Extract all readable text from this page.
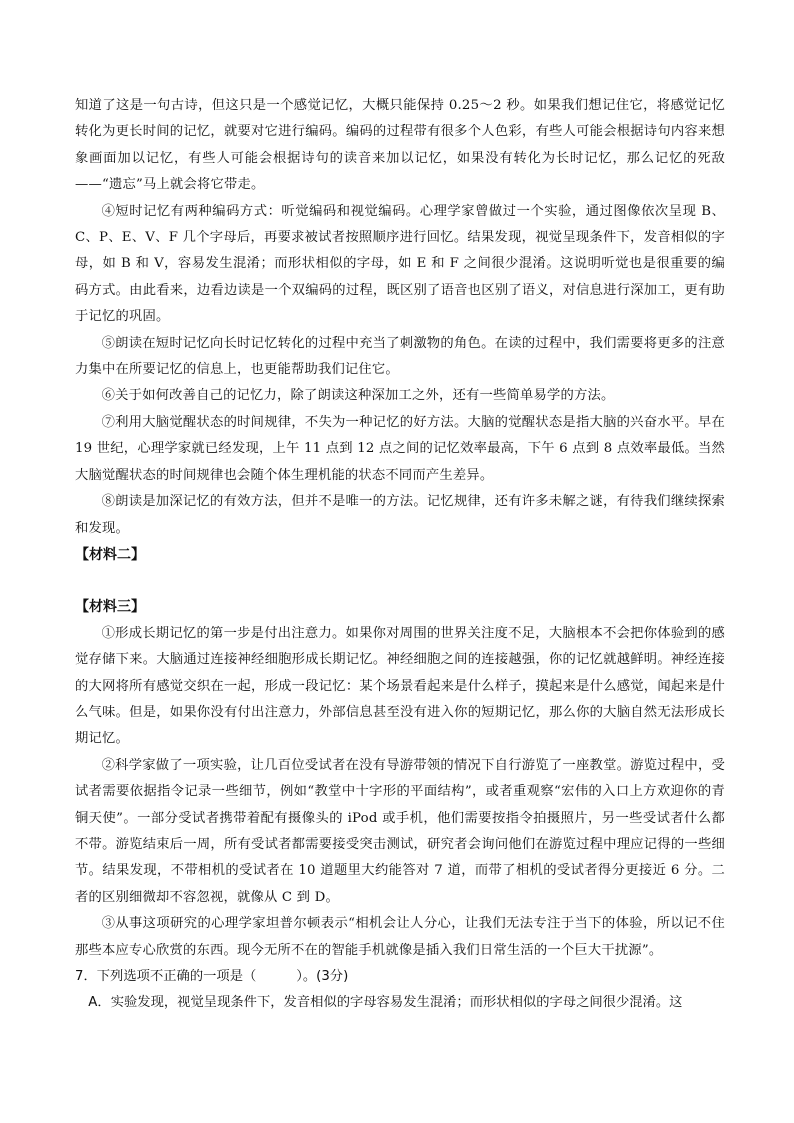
知道了这是一句古诗，但这只是一个感觉记忆，大概只能保持 0.25～2 秒。如果我们想记住它，将感觉记忆转化为更长时间的记忆，就要对它进行编码。编码的过程带有很多个人色彩，有些人可能会根据诗句内容来想象画面加以记忆，有些人可能会根据诗句的读音来加以记忆，如果没有转化为长时记忆，那么记忆的死敌——“遗忘”马上就会将它带走。

④短时记忆有两种编码方式：听觉编码和视觉编码。心理学家曾做过一个实验，通过图像依次呈现 B、C、P、E、V、F 几个字母后，再要求被试者按照顺序进行回忆。结果发现，视觉呈现条件下，发音相似的字母，如 B 和 V，容易发生混淆；而形状相似的字母，如 E 和 F 之间很少混淆。这说明听觉也是很重要的编码方式。由此看来，边看边读是一个双编码的过程，既区别了语音也区别了语义，对信息进行深加工，更有助于记忆的巩固。

⑤朗读在短时记忆向长时记忆转化的过程中充当了刺激物的角色。在读的过程中，我们需要将更多的注意力集中在所要记忆的信息上，也更能帮助我们记住它。

⑥关于如何改善自己的记忆力，除了朗读这种深加工之外，还有一些简单易学的方法。

⑦利用大脑觉醒状态的时间规律，不失为一种记忆的好方法。大脑的觉醒状态是指大脑的兴奋水平。早在 19 世纪，心理学家就已经发现，上午 11 点到 12 点之间的记忆效率最高，下午 6 点到 8 点效率最低。当然大脑觉醒状态的时间规律也会随个体生理机能的状态不同而产生差异。

⑧朗读是加深记忆的有效方法，但并不是唯一的方法。记忆规律，还有许多未解之谜，有待我们继续探索和发现。

【材料二】

【材料三】

①形成长期记忆的第一步是付出注意力。如果你对周围的世界关注度不足，大脑根本不会把你体验到的感觉存储下来。大脑通过连接神经细胞形成长期记忆。神经细胞之间的连接越强，你的记忆就越鲜明。神经连接的大网将所有感觉交织在一起，形成一段记忆：某个场景看起来是什么样子，摸起来是什么感觉，闻起来是什么气味。但是，如果你没有付出注意力，外部信息甚至没有进入你的短期记忆，那么你的大脑自然无法形成长期记忆。

②科学家做了一项实验，让几百位受试者在没有导游带领的情况下自行游览了一座教堂。游览过程中，受试者需要依据指令记录一些细节，例如“教堂中十字形的平面结构”，或者重观察“宏伟的入口上方欢迎你的青铜天使”。一部分受试者携带着配有摄像头的 iPod 或手机，他们需要按指令拍摄照片，另一些受试者什么都不带。游览结束后一周，所有受试者都需要接受突击测试，研究者会询问他们在游览过程中理应记得的一些细节。结果发现，不带相机的受试者在 10 道题里大约能答对 7 道，而带了相机的受试者得分更接近 6 分。二者的区别细微却不容忽视，就像从 C 到 D。

③从事这项研究的心理学家坦普尔顿表示“相机会让人分心，让我们无法专注于当下的体验，所以记不住那些本应专心欣赏的东西。现今无所不在的智能手机就像是插入我们日常生活的一个巨大干扰源”。

7．下列选项不正确的一项是（　　　）。(3分)

A．实验发现，视觉呈现条件下，发音相似的字母容易发生混淆；而形状相似的字母之间很少混淆。这
